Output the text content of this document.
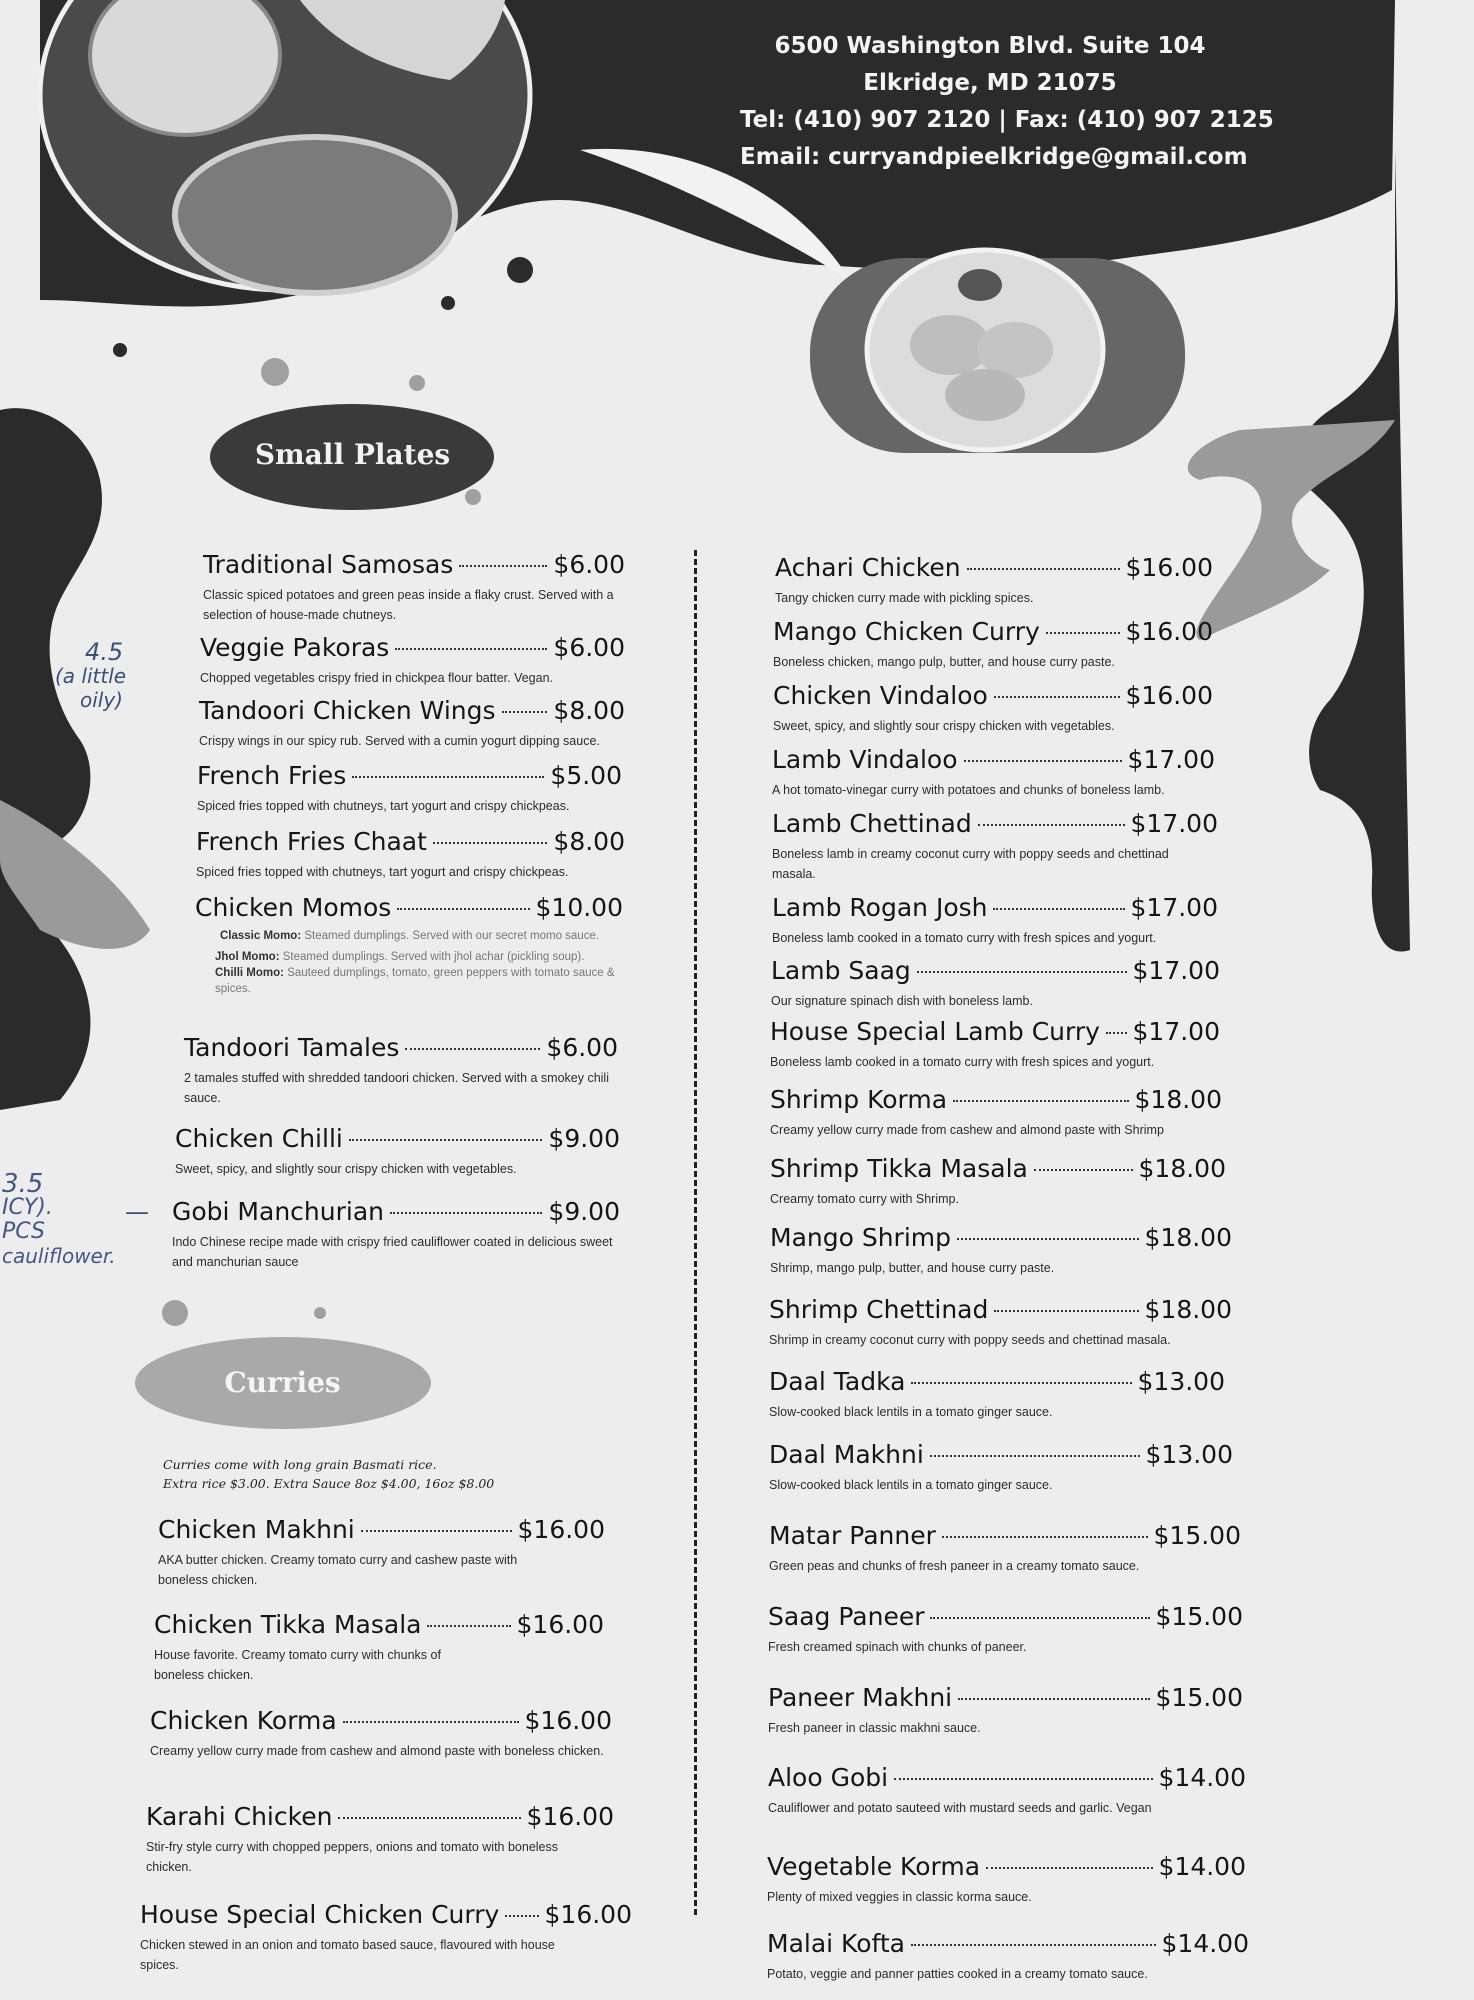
6500 Washington Blvd. Suite 104
Elkridge, MD 21075
Tel: (410) 907 2120 | Fax: (410) 907 2125
Email: curryandpieelkridge@gmail.com
Small Plates
Curries
Traditional Samosas	$6.00
Classic spiced potatoes and green peas inside a flaky crust. Served with a selection of house-made chutneys.
Veggie Pakoras	$6.00
Chopped vegetables crispy fried in chickpea flour batter. Vegan.
Tandoori Chicken Wings $8.00
Crispy wings in our spicy rub. Served with a cumin yogurt dipping sauce.
French Fries	$5.00
Spiced fries topped with chutneys, tart yogurt and crispy chickpeas.
French Fries Chaat	$8.00
Spiced fries topped with chutneys, tart yogurt and crispy chickpeas.
Chicken Momos	$10.00
Classic Momo: Steamed dumplings. Served with our secret momo sauce.
Jhol Momo: Steamed dumplings. Served with jhol achar (pickling soup).
Chilli Momo: Sauteed dumplings, tomato, green peppers with tomato sauce & spices.
Tandoori Tamales	$6.00
2 tamales stuffed with shredded tandoori chicken. Served with a smokey chili sauce.
Chicken Chilli	$9.00
Sweet, spicy, and slightly sour crispy chicken with vegetables.
Gobi Manchurian	$9.00
Indo Chinese recipe made with crispy fried cauliflower coated in delicious sweet and manchurian sauce
Curries come with long grain Basmati rice.
Extra rice $3.00. Extra Sauce 8oz $4.00, 16oz $8.00
Chicken Makhni	$16.00
AKA butter chicken. Creamy tomato curry and cashew paste with boneless chicken.
Chicken Tikka Masala	$16.00
House favorite. Creamy tomato curry with chunks of boneless chicken.
Chicken Korma	$16.00
Creamy yellow curry made from cashew and almond paste with boneless chicken.
Karahi Chicken	$16.00
Stir-fry style curry with chopped peppers, onions and tomato with boneless chicken.
House Special Chicken Curry $16.00
Chicken stewed in an onion and tomato based sauce, flavoured with house spices.
Achari Chicken	$16.00
Tangy chicken curry made with pickling spices.
Mango Chicken Curry	$16.00
Boneless chicken, mango pulp, butter, and house curry paste.
Chicken Vindaloo	$16.00
Sweet, spicy, and slightly sour crispy chicken with vegetables.
Lamb Vindaloo	$17.00
A hot tomato-vinegar curry with potatoes and chunks of boneless lamb.
Lamb Chettinad	$17.00
Boneless lamb in creamy coconut curry with poppy seeds and chettinad masala.
Lamb Rogan Josh	$17.00
Boneless lamb cooked in a tomato curry with fresh spices and yogurt.
Lamb Saag	$17.00
Our signature spinach dish with boneless lamb.
House Special Lamb Curry $17.00
Boneless lamb cooked in a tomato curry with fresh spices and yogurt.
Shrimp Korma	$18.00
Creamy yellow curry made from cashew and almond paste with Shrimp
Shrimp Tikka Masala	$18.00
Creamy tomato curry with Shrimp.
Mango Shrimp	$18.00
Shrimp, mango pulp, butter, and house curry paste.
Shrimp Chettinad	$18.00
Shrimp in creamy coconut curry with poppy seeds and chettinad masala.
Daal Tadka	$13.00
Slow-cooked black lentils in a tomato ginger sauce.
Daal Makhni	$13.00
Slow-cooked black lentils in a tomato ginger sauce.
Matar Panner	$15.00
Green peas and chunks of fresh paneer in a creamy tomato sauce.
Saag Paneer	$15.00
Fresh creamed spinach with chunks of paneer.
Paneer Makhni	$15.00
Fresh paneer in classic makhni sauce.
Aloo Gobi	$14.00
Cauliflower and potato sauteed with mustard seeds and garlic. Vegan
Vegetable Korma	$14.00
Plenty of mixed veggies in classic korma sauce.
Malai Kofta	$14.00
Potato, veggie and panner patties cooked in a creamy tomato sauce.
4.5
(a little
oily)
3.5
ICY).
PCS
cauliflower.
—
